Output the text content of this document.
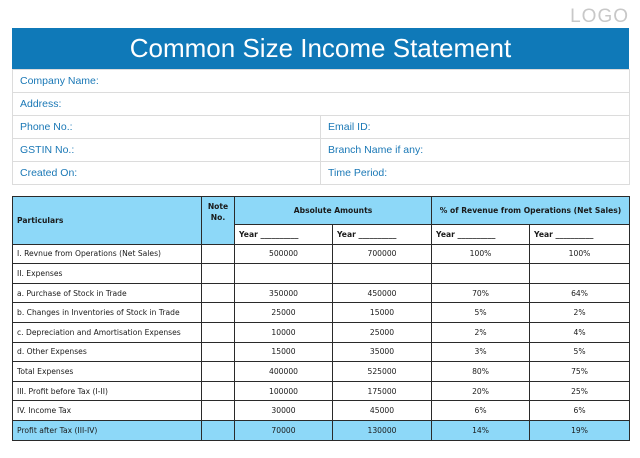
LOGO
Common Size Income Statement
Company Name:	
Address:	
Phone No.:	Email ID:
GSTIN No.:	Branch Name if any:
Created On:	Time Period:
Particulars	Note No.	Absolute Amounts		% of Revenue from Operations (Net Sales)	
		Year __________	Year __________	Year __________	Year __________
I. Revnue from Operations (Net Sales)		500000	700000	100%	100%
II. Expenses					
a. Purchase of Stock in Trade		350000	450000	70%	64%
b. Changes in Inventories of Stock in Trade		25000	15000	5%	2%
c. Depreciation and Amortisation Expenses		10000	25000	2%	4%
d. Other Expenses		15000	35000	3%	5%
Total Expenses		400000	525000	80%	75%
III. Profit before Tax (I-II)		100000	175000	20%	25%
IV. Income Tax		30000	45000	6%	6%
Profit after Tax (III-IV)		70000	130000	14%	19%
